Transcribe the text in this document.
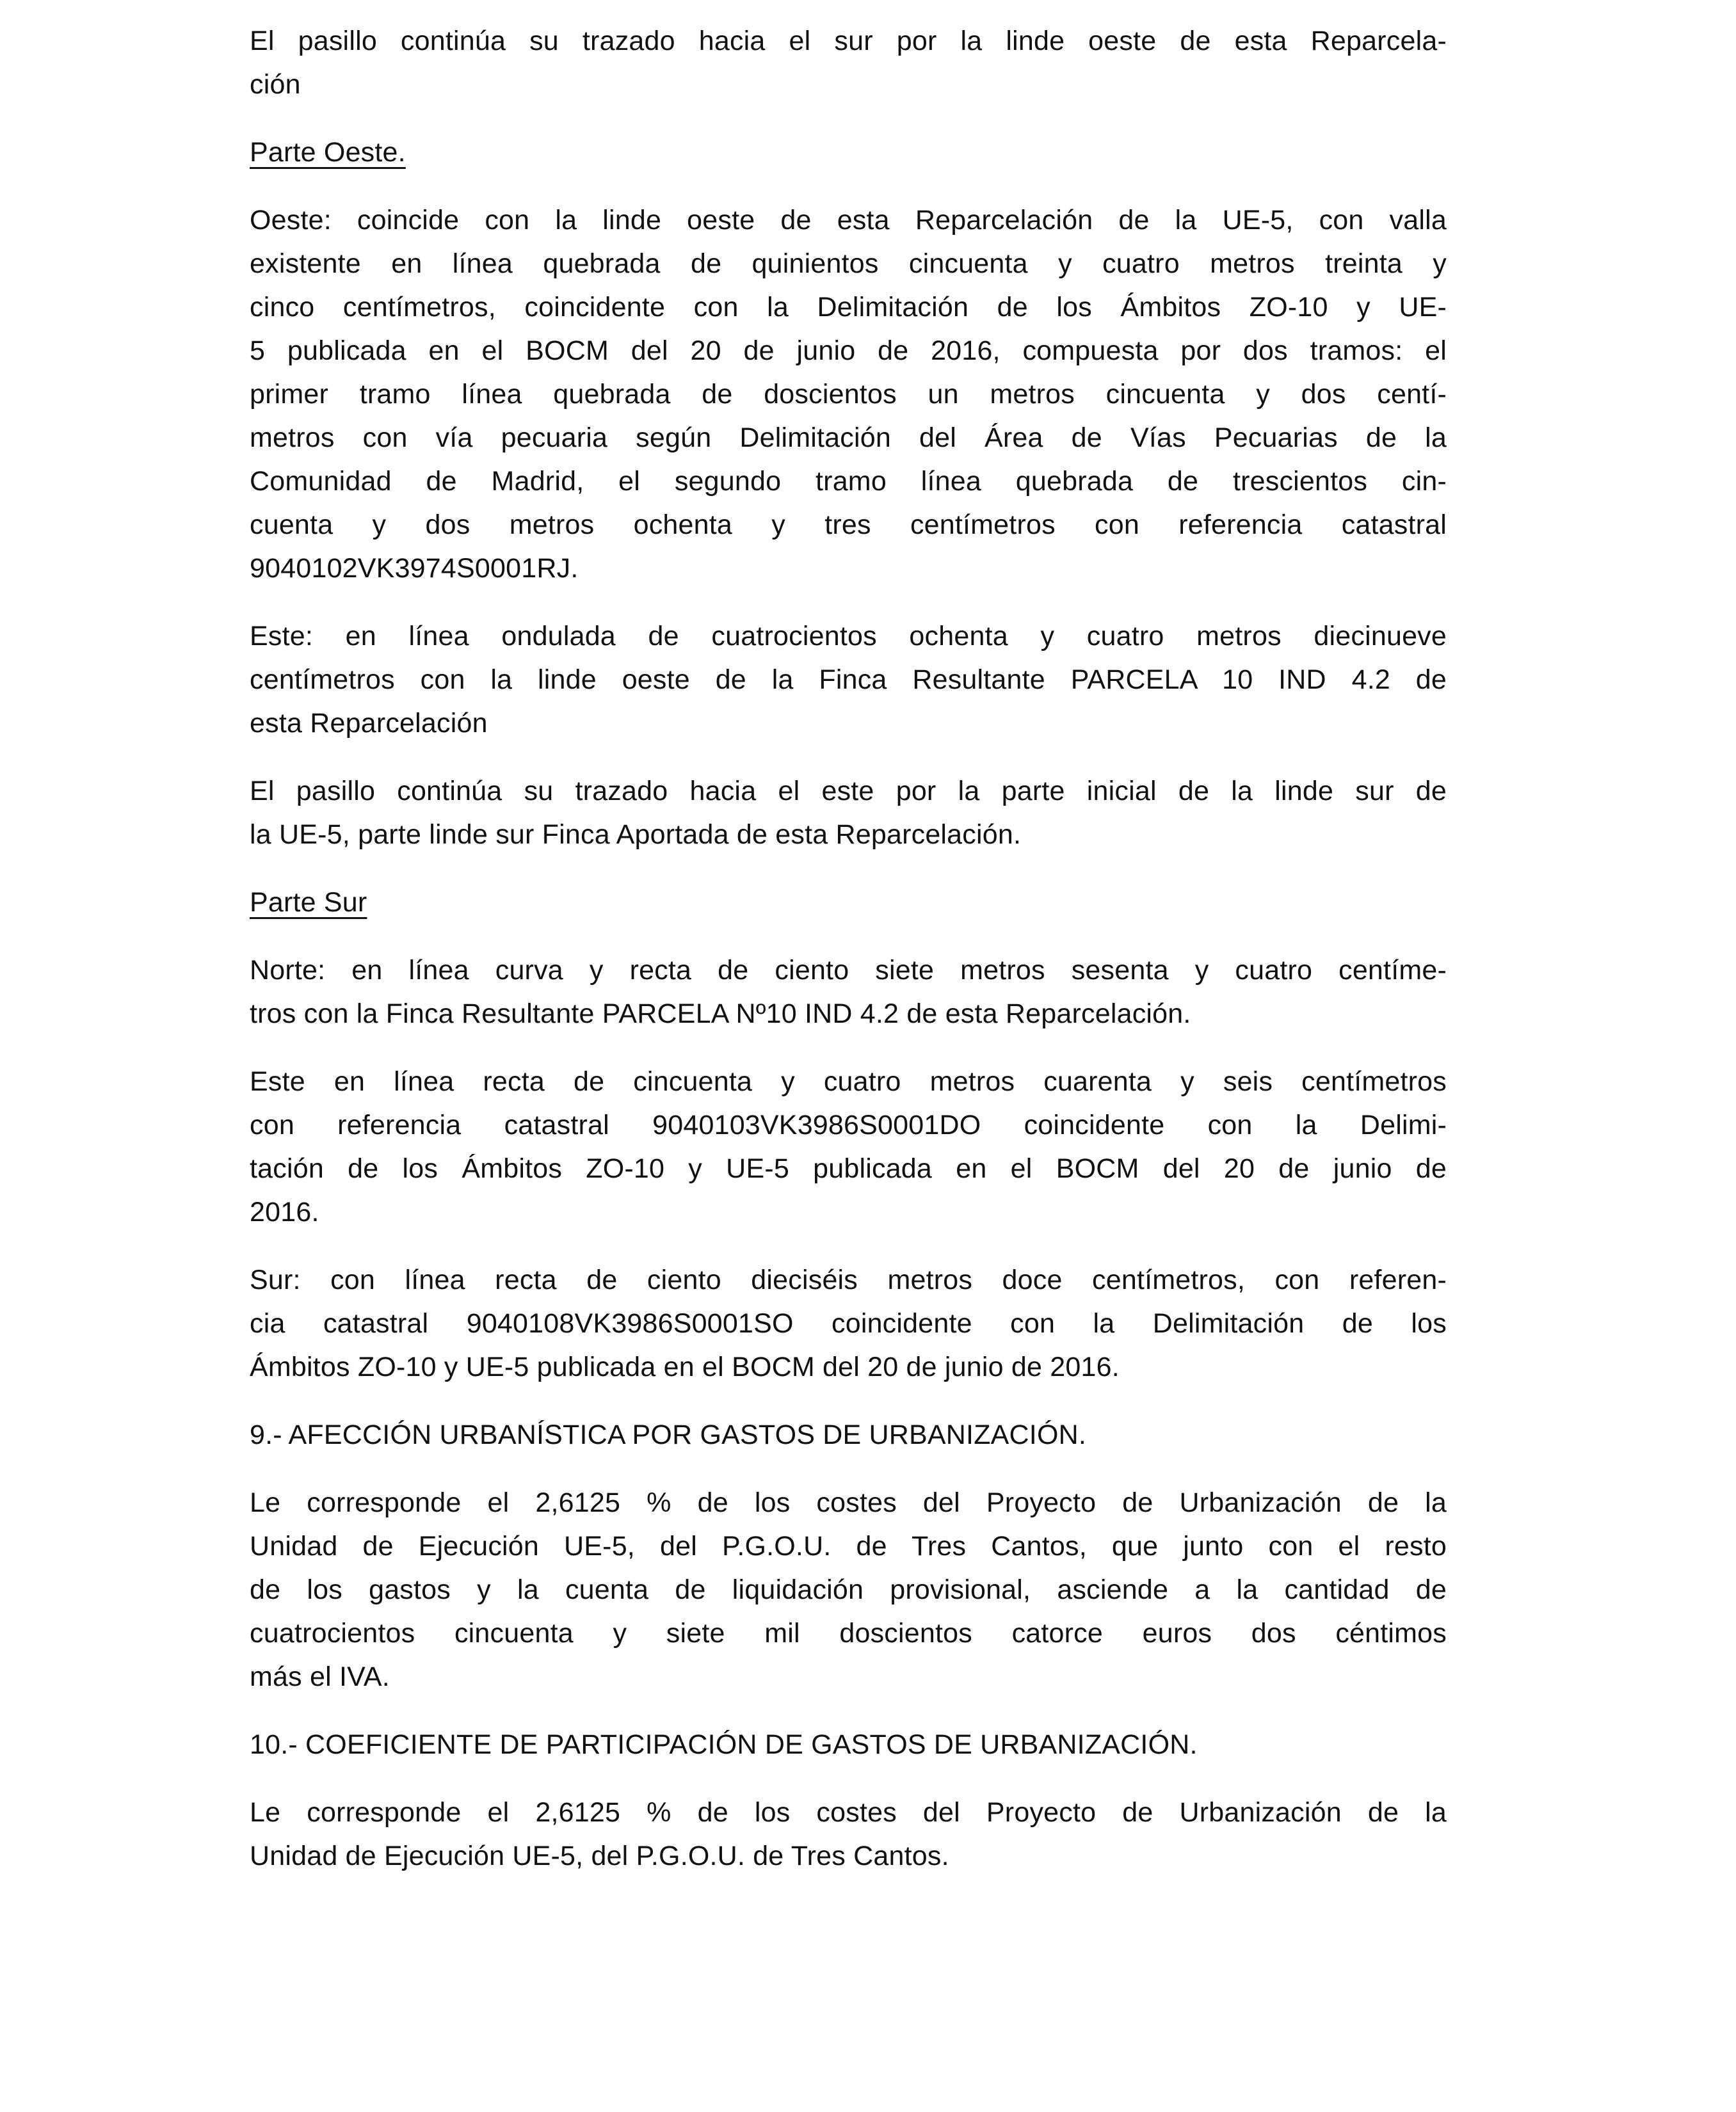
El pasillo continúa su trazado hacia el sur por la linde oeste de esta Reparcela-
ción
Parte Oeste.
Oeste: coincide con la linde oeste de esta Reparcelación de la UE-5, con valla
existente en línea quebrada de quinientos cincuenta y cuatro metros treinta y
cinco centímetros, coincidente con la Delimitación de los Ámbitos ZO-10 y UE-
5 publicada en el BOCM del 20 de junio de 2016, compuesta por dos tramos: el
primer tramo línea quebrada de doscientos un metros cincuenta y dos centí-
metros con vía pecuaria según Delimitación del Área de Vías Pecuarias de la
Comunidad de Madrid, el segundo tramo línea quebrada de trescientos cin-
cuenta y dos metros ochenta y tres centímetros con referencia catastral
9040102VK3974S0001RJ.
Este: en línea ondulada de cuatrocientos ochenta y cuatro metros diecinueve
centímetros con la linde oeste de la Finca Resultante PARCELA 10 IND 4.2 de
esta Reparcelación
El pasillo continúa su trazado hacia el este por la parte inicial de la linde sur de
la UE-5, parte linde sur Finca Aportada de esta Reparcelación.
Parte Sur
Norte: en línea curva y recta de ciento siete metros sesenta y cuatro centíme-
tros con la Finca Resultante PARCELA Nº10 IND 4.2 de esta Reparcelación.
Este en línea recta de cincuenta y cuatro metros cuarenta y seis centímetros
con referencia catastral 9040103VK3986S0001DO coincidente con la Delimi-
tación de los Ámbitos ZO-10 y UE-5 publicada en el BOCM del 20 de junio de
2016.
Sur: con línea recta de ciento dieciséis metros doce centímetros, con referen-
cia catastral 9040108VK3986S0001SO coincidente con la Delimitación de los
Ámbitos ZO-10 y UE-5 publicada en el BOCM del 20 de junio de 2016.
9.- AFECCIÓN URBANÍSTICA POR GASTOS DE URBANIZACIÓN.
Le corresponde el 2,6125 % de los costes del Proyecto de Urbanización de la
Unidad de Ejecución UE-5, del P.G.O.U. de Tres Cantos, que junto con el resto
de los gastos y la cuenta de liquidación provisional, asciende a la cantidad de
cuatrocientos cincuenta y siete mil doscientos catorce euros dos céntimos
más el IVA.
10.- COEFICIENTE DE PARTICIPACIÓN DE GASTOS DE URBANIZACIÓN.
Le corresponde el 2,6125 % de los costes del Proyecto de Urbanización de la
Unidad de Ejecución UE-5, del P.G.O.U. de Tres Cantos.
